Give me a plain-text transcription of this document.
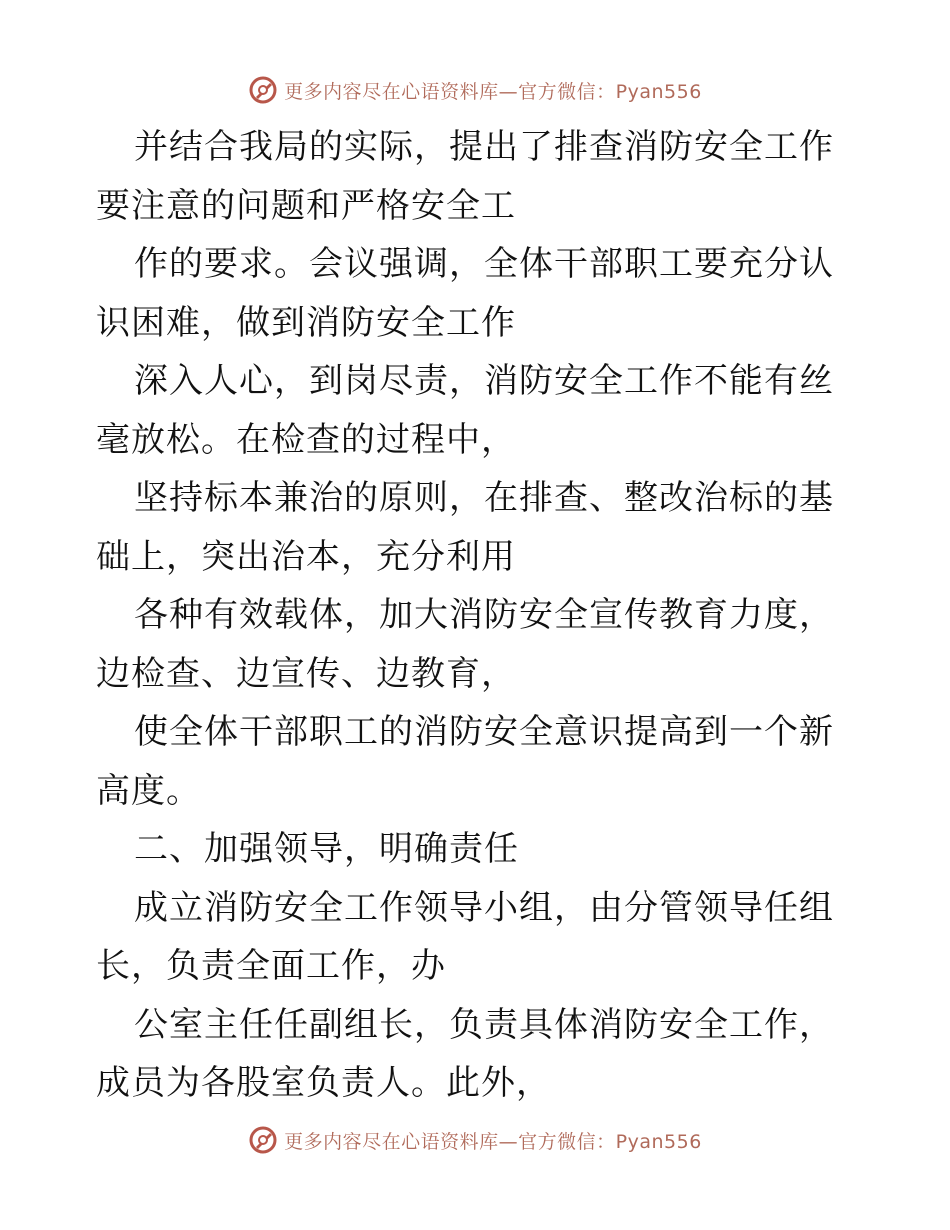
更多内容尽在心语资料库—官方微信：Pyan556

并结合我局的实际，提出了排查消防安全工作要注意的问题和严格安全工

作的要求。会议强调，全体干部职工要充分认识困难，做到消防安全工作

深入人心，到岗尽责，消防安全工作不能有丝毫放松。在检查的过程中，

坚持标本兼治的原则，在排查、整改治标的基础上，突出治本，充分利用

各种有效载体，加大消防安全宣传教育力度，边检查、边宣传、边教育，

使全体干部职工的消防安全意识提高到一个新高度。

二、加强领导，明确责任

成立消防安全工作领导小组，由分管领导任组长，负责全面工作，办

公室主任任副组长，负责具体消防安全工作，成员为各股室负责人。此外，

更多内容尽在心语资料库—官方微信：Pyan556
